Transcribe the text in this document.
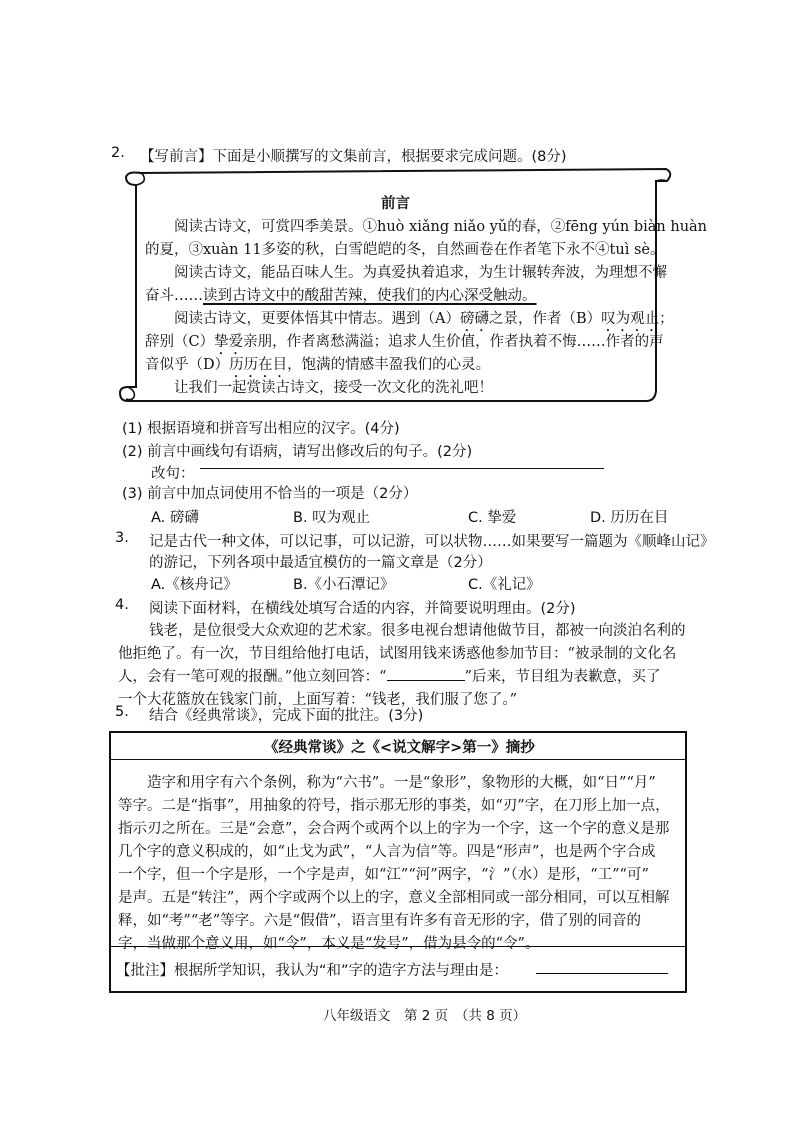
2. 【写前言】下面是小顺撰写的文集前言，根据要求完成问题。(8分)
前言
阅读古诗文，可赏四季美景。①huò xiǎng niǎo yǔ的春，②fēng yún biàn huàn
的夏，③xuàn 11多姿的秋，白雪皑皑的冬，自然画卷在作者笔下永不④tuì sè。
阅读古诗文，能品百味人生。为真爱执着追求，为生计辗转奔波，为理想不懈
奋斗……读到古诗文中的酸甜苦辣，使我们的内心深受触动。
阅读古诗文，更要体悟其中情志。遇到（A）磅礴之景，作者（B）叹为观止；
辞别（C）挚爱亲朋，作者离愁满溢；追求人生价值，作者执着不悔……作者的声
音似乎（D）历历在目，饱满的情感丰盈我们的心灵。
让我们一起赏读古诗文，接受一次文化的洗礼吧！
(1) 根据语境和拼音写出相应的汉字。(4分)
(2) 前言中画线句有语病，请写出修改后的句子。(2分)
改句：
(3) 前言中加点词使用不恰当的一项是（2分）
A. 磅礴	B. 叹为观止	C. 挚爱	D. 历历在目
3. 记是古代一种文体，可以记事，可以记游，可以状物……如果要写一篇题为《顺峰山记》
的游记，下列各项中最适宜模仿的一篇文章是（2分）
A.《核舟记》	B.《小石潭记》	C.《礼记》
4. 阅读下面材料，在横线处填写合适的内容，并简要说明理由。(2分)
钱老，是位很受大众欢迎的艺术家。很多电视台想请他做节目，都被一向淡泊名利的
他拒绝了。有一次，节目组给他打电话，试图用钱来诱惑他参加节目：“被录制的文化名
人，会有一笔可观的报酬。”他立刻回答：“	”后来，节目组为表歉意，买了
一个大花篮放在钱家门前，上面写着：“钱老，我们服了您了。”
5. 结合《经典常谈》，完成下面的批注。(3分)
《经典常谈》之《<说文解字>第一》摘抄
造字和用字有六个条例，称为“六书”。一是“象形”，象物形的大概，如“日”“月”
等字。二是“指事”，用抽象的符号，指示那无形的事类，如“刃”字，在刀形上加一点，
指示刃之所在。三是“会意”，会合两个或两个以上的字为一个字，这一个字的意义是那
几个字的意义积成的，如“止戈为武”，“人言为信”等。四是“形声”，也是两个字合成
一个字，但一个字是形，一个字是声，如“江”“河”两字，“氵”（水）是形，“工”“可”
是声。五是“转注”，两个字或两个以上的字，意义全部相同或一部分相同，可以互相解
释，如“考”“老”等字。六是“假借”，语言里有许多有音无形的字，借了别的同音的
字，当做那个意义用，如“令”，本义是“发号”，借为县令的“令”。
【批注】根据所学知识，我认为“和”字的造字方法与理由是：
八年级语文　第 2 页　（共 8 页）
